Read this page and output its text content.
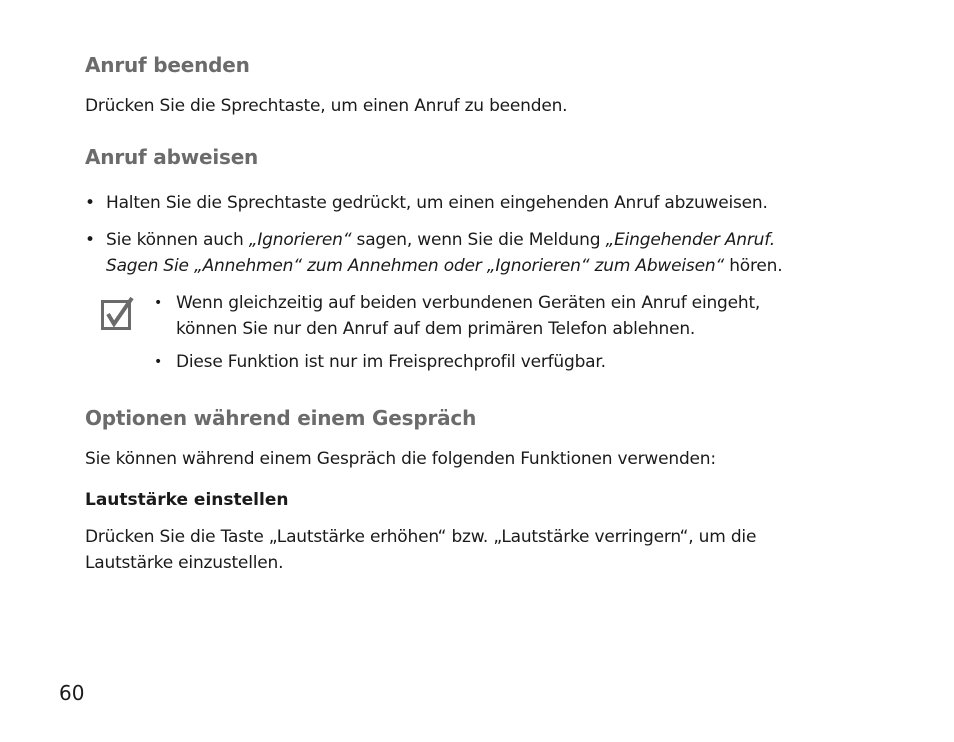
Anruf beenden

Drücken Sie die Sprechtaste, um einen Anruf zu beenden.

Anruf abweisen
• Halten Sie die Sprechtaste gedrückt, um einen eingehenden Anruf abzuweisen.
• Sie können auch „Ignorieren“ sagen, wenn Sie die Meldung „Eingehender Anruf.
Sagen Sie „Annehmen“ zum Annehmen oder „Ignorieren“ zum Abweisen“ hören.
• Wenn gleichzeitig auf beiden verbundenen Geräten ein Anruf eingeht,
können Sie nur den Anruf auf dem primären Telefon ablehnen.
• Diese Funktion ist nur im Freisprechprofil verfügbar.
Optionen während einem Gespräch

Sie können während einem Gespräch die folgenden Funktionen verwenden:

Lautstärke einstellen

Drücken Sie die Taste „Lautstärke erhöhen“ bzw. „Lautstärke verringern“, um die

Lautstärke einzustellen.

60
